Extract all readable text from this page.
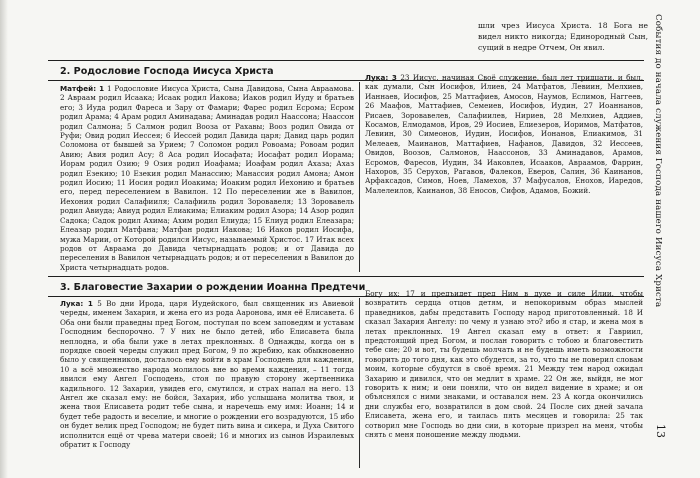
шли чрез Иисуса Христа. 18 Бога не видел никто никогда; Единородный Сын, сущий в недре Отчем, Он явил.	События до начала служения Господа нашего Иисуса Христа
13
2. Родословие Господа Иисуса Христа
Матфей: 1 1 Родословие Иисуса Христа, Сына Давидова, Сына Авраамова. 2 Авраам родил Исаака; Исаак родил Иакова; Иаков родил Иуду и братьев его; 3 Иуда родил Фареса и Зару от Фамари; Фарес родил Есрома; Есром родил Арама; 4 Арам родил Аминадава; Аминадав родил Наассона; Наассон родил Салмона; 5 Салмон родил Вооза от Рахавы; Вооз родил Овида от Руфи; Овид родил Иессея; 6 Иессей родил Давида царя; Давид царь родил Соломона от бывшей за Урием; 7 Соломон родил Ровоама; Ровоам родил Авию; Авия родил Асу; 8 Аса родил Иосафата; Иосафат родил Иорама; Иорам родил Озию; 9 Озия родил Иоафама; Иоафам родил Ахаза; Ахаз родил Езекию; 10 Езекия родил Манассию; Манассия родил Амона; Амон родил Иосию; 11 Иосия родил Иоакима; Иоаким родил Иехонию и братьев его, перед переселением в Вавилон. 12 По переселении же в Вавилон, Иехония родил Салафииля; Салафииль родил Зоровавеля; 13 Зоровавель родил Авиуда; Авиуд родил Елиакима; Елиаким родил Азора; 14 Азор родил Садока; Садок родил Ахима; Ахим родил Елиуда; 15 Елиуд родил Елеазара; Елеазар родил Матфана; Матфан родил Иакова; 16 Иаков родил Иосифа, мужа Марии, от Которой родился Иисус, называемый Христос. 17 Итак всех родов от Авраама до Давида четырнадцать родов; и от Давида до переселения в Вавилон четырнадцать родов; и от переселения в Вавилон до Христа четырнадцать родов.
Лука: 3 23 Иисус, начиная Своё служение, был лет тридцати, и был, как думали, Сын Иосифов, Илиев, 24 Матфатов, Левиин, Мелхиев, Ианнаев, Иосифов, 25 Маттафиев, Амосов, Наумов, Еслимов, Наггеев, 26 Маафов, Маттафиев, Семеиев, Иосифов, Иудин, 27 Иоаннанов, Рисаев, Зоровавелев, Салафиилев, Нириев, 28 Мелхиев, Аддиев, Косамов, Елмодамов, Иров, 29 Иосиев, Елиезеров, Иоримов, Матфатов, Левиин, 30 Симеонов, Иудин, Иосифов, Ионанов, Елиакимов, 31 Мелеаев, Маинанов, Маттафиев, Нафанов, Давидов, 32 Иессеев, Овидов, Воозов, Салмонов, Наассонов, 33 Аминадавов, Арамов, Есромов, Фаресов, Иудин, 34 Иаковлев, Исааков, Авраамов, Фаррин, Нахоров, 35 Серухов, Рагавов, Фалеков, Еверов, Салин, 36 Каинанов, Арфаксадов, Симов, Ноев, Ламехов, 37 Мафусалов, Енохов, Иаредов, Малелеилов, Каинанов, 38 Еносов, Сифов, Адамов, Божий.
3. Благовестие Захарии о рождении Иоанна Предтечи
Лука: 1 5 Во дни Ирода, царя Иудейского, был священник из Авиевой череды, именем Захария, и жена его из рода Ааронова, имя её Елисавета. 6 Оба они были праведны пред Богом, поступая по всем заповедям и уставам Господним беспорочно. 7 У них не было детей, ибо Елисавета была неплодна, и оба были уже в летах преклонных. 8 Однажды, когда он в порядке своей череды служил пред Богом, 9 по жребию, как обыкновенно было у священников, досталось ему войти в храм Господень для каждения, 10 а всё множество народа молилось вне во время каждения, – 11 тогда явился ему Ангел Господень, стоя по правую сторону жертвенника кадильного. 12 Захария, увидев его, смутился, и страх напал на него. 13 Ангел же сказал ему: не бойся, Захария, ибо услышана молитва твоя, и жена твоя Елисавета родит тебе сына, и наречешь ему имя: Иоанн; 14 и будет тебе радость и веселие, и многие о рождении его возрадуются, 15 ибо он будет велик пред Господом; не будет пить вина и сикера, и Духа Святого исполнится ещё от чрева матери своей; 16 и многих из сынов Израилевых обратит к Господу
Богу их; 17 и предъидет пред Ним в духе и силе Илии, чтобы возвратить сердца отцов детям, и непокоривым образ мыслей праведников, дабы представить Господу народ приготовленный. 18 И сказал Захария Ангелу: по чему я узнаю это? ибо я стар, и жена моя в летах преклонных. 19 Ангел сказал ему в ответ: я Гавриил, предстоящий пред Богом, и послан говорить с тобою и благовестить тебе сие; 20 и вот, ты будешь молчать и не будешь иметь возможности говорить до того дня, как это сбудется, за то, что ты не поверил словам моим, которые сбудутся в своё время. 21 Между тем народ ожидал Захарию и дивился, что он медлит в храме. 22 Он же, выйдя, не мог говорить к ним; и они поняли, что он видел видение в храме; и он объяснялся с ними знаками, и оставался нем. 23 А когда окончились дни службы его, возвратился в дом свой. 24 После сих дней зачала Елисавета, жена его, и таилась пять месяцев и говорила: 25 так сотворил мне Господь во дни сии, в которые призрел на меня, чтобы снять с меня поношение между людьми.
